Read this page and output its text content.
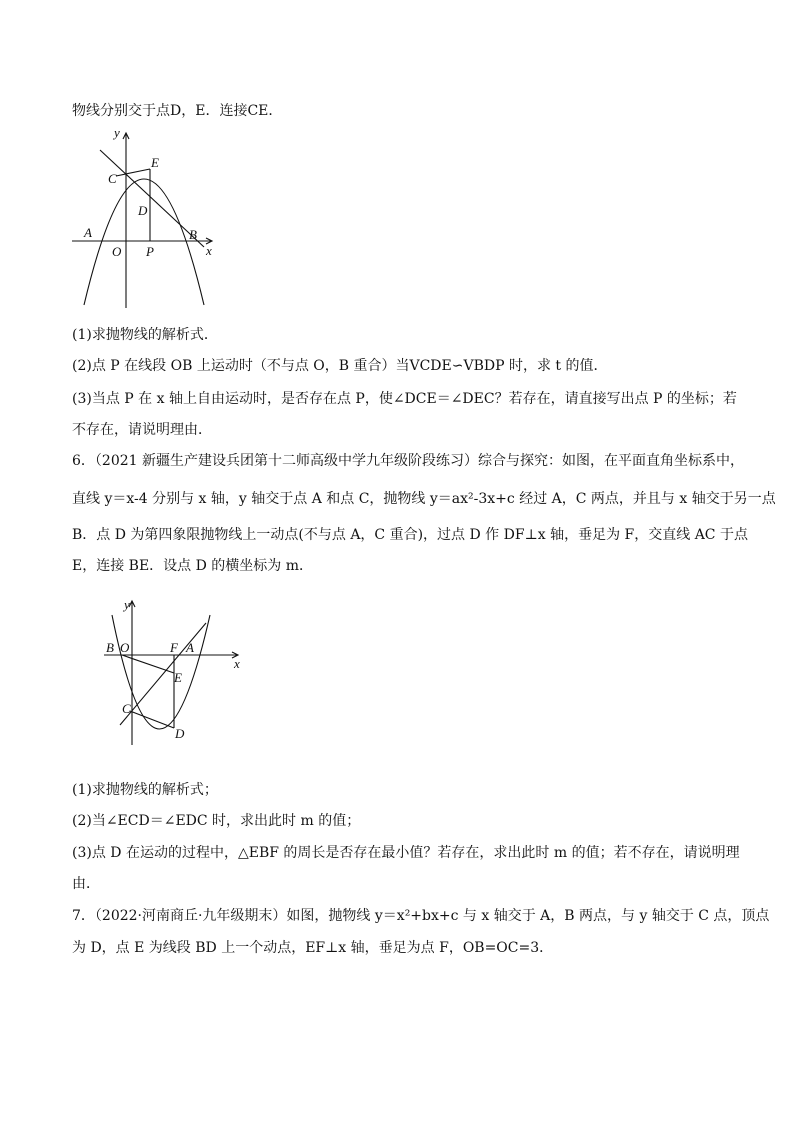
物线分别交于点D，E．连接CE．
y
x
C
E
D
A
O P
B
(1)求抛物线的解析式．
(2)点 P 在线段 OB 上运动时（不与点 O，B 重合）当VCDE∽VBDP 时，求 t 的值．
(3)当点 P 在 x 轴上自由运动时，是否存在点 P，使∠DCE＝∠DEC？若存在，请直接写出点 P 的坐标；若
不存在，请说明理由．
6．（2021 新疆生产建设兵团第十二师高级中学九年级阶段练习）综合与探究：如图，在平面直角坐标系中，
直线 y＝x-4 分别与 x 轴，y 轴交于点 A 和点 C，抛物线 y＝ax²-3x+c 经过 A，C 两点，并且与 x 轴交于另一点
B．点 D 为第四象限抛物线上一动点(不与点 A，C 重合)，过点 D 作 DF⊥x 轴，垂足为 F，交直线 AC 于点
E，连接 BE．设点 D 的横坐标为 m．
y
x
B O	F A
E
C
D
(1)求抛物线的解析式；
(2)当∠ECD＝∠EDC 时，求出此时 m 的值；
(3)点 D 在运动的过程中，△EBF 的周长是否存在最小值？若存在，求出此时 m 的值；若不存在，请说明理
由．
7．（2022·河南商丘·九年级期末）如图，抛物线 y＝x²+bx+c 与 x 轴交于 A，B 两点，与 y 轴交于 C 点，顶点
为 D，点 E 为线段 BD 上一个动点，EF⊥x 轴，垂足为点 F，OB=OC=3．
